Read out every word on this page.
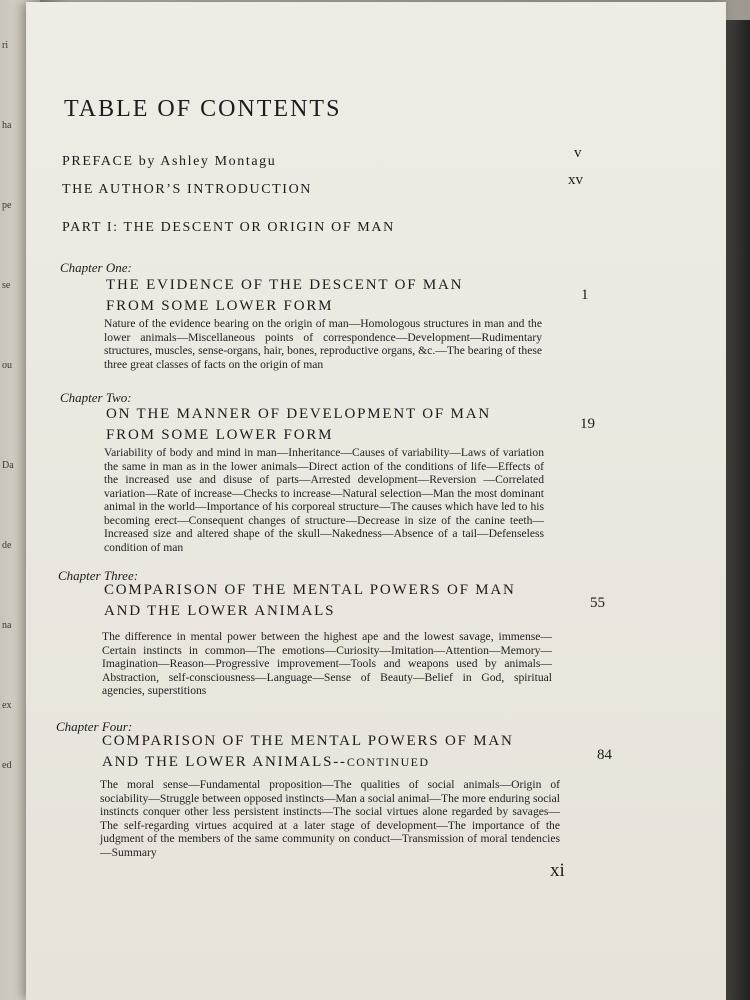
ri
ha
pe
se
ou
Da
de
na
ex
ed
TABLE OF CONTENTS
PREFACE by Ashley Montagu
v
THE AUTHOR’S INTRODUCTION
xv
PART I: THE DESCENT OR ORIGIN OF MAN
Chapter One:
THE EVIDENCE OF THE DESCENT OF MAN
FROM SOME LOWER FORM
1
Nature of the evidence bearing on the origin of man—Homologous structures in man and the lower animals—Miscellaneous points of correspondence—Development—Rudimentary structures, muscles, sense-organs, hair, bones, reproductive organs, &c.—The bearing of these three great classes of facts on the origin of man
Chapter Two:
ON THE MANNER OF DEVELOPMENT OF MAN
FROM SOME LOWER FORM
19
Variability of body and mind in man—Inheritance—Causes of variability—Laws of variation the same in man as in the lower animals—Direct action of the conditions of life—Effects of the increased use and disuse of parts—Arrested development—Reversion —Correlated variation—Rate of increase—Checks to increase—Natural selection—Man the most dominant animal in the world—Importance of his corporeal structure—The causes which have led to his becoming erect—Consequent changes of structure—Decrease in size of the canine teeth—Increased size and altered shape of the skull—Nakedness—Absence of a tail—Defenseless condition of man
Chapter Three:
COMPARISON OF THE MENTAL POWERS OF MAN
AND THE LOWER ANIMALS	55
The difference in mental power between the highest ape and the lowest savage, immense—Certain instincts in common—The emotions—Curiosity—Imitation—Attention—Memory—Imagination—Reason—Progressive improvement—Tools and weapons used by animals—Abstraction, self-consciousness—Language—Sense of Beauty—Belief in God, spiritual agencies, superstitions
Chapter Four:
COMPARISON OF THE MENTAL POWERS OF MAN
AND THE LOWER ANIMALS--CONTINUED	84
The moral sense—Fundamental proposition—The qualities of social animals—Origin of sociability—Struggle between opposed instincts—Man a social animal—The more enduring social instincts conquer other less persistent instincts—The social virtues alone regarded by savages—The self-regarding virtues acquired at a later stage of development—The importance of the judgment of the members of the same community on conduct—Transmission of moral tendencies—Summary
xi
